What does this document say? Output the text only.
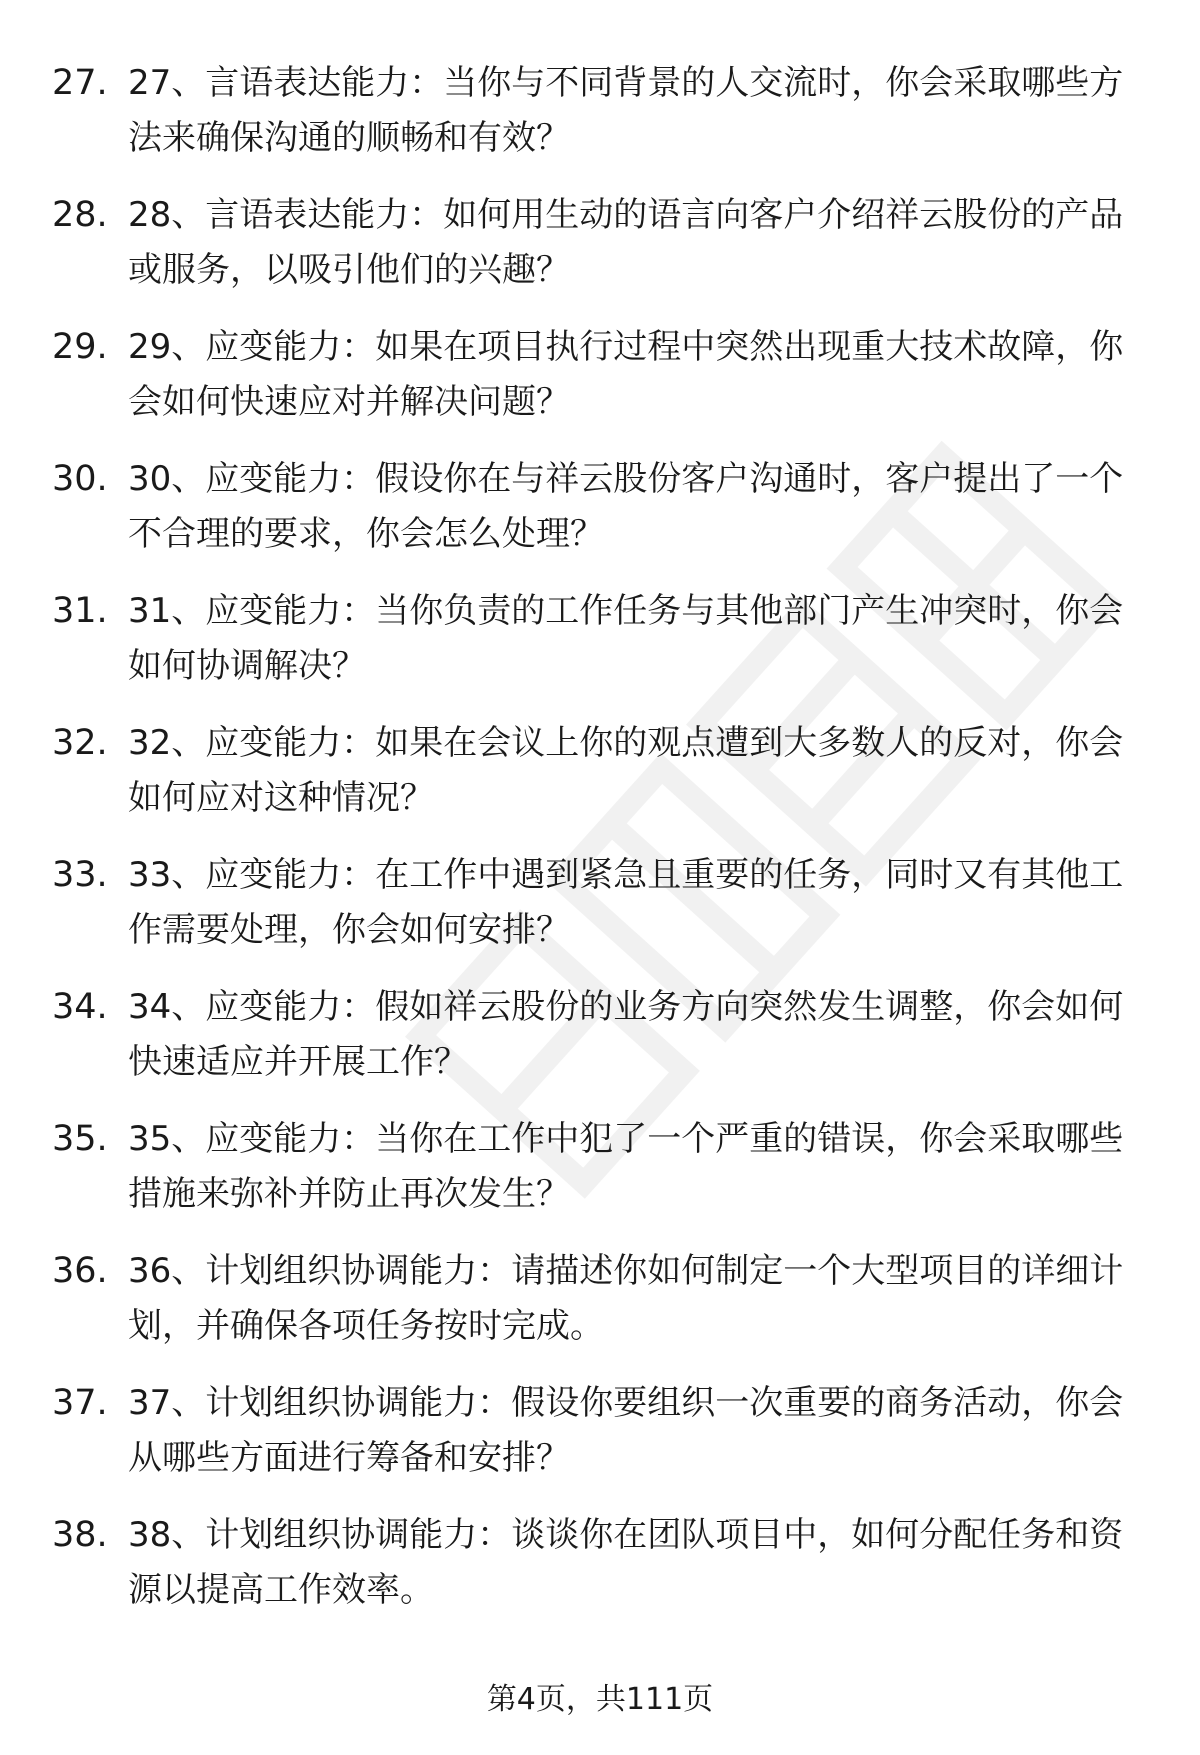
27. 27、言语表达能力：当你与不同背景的人交流时，你会采取哪些方法来确保沟通的顺畅和有效？
28. 28、言语表达能力：如何用生动的语言向客户介绍祥云股份的产品或服务，以吸引他们的兴趣？
29. 29、应变能力：如果在项目执行过程中突然出现重大技术故障，你会如何快速应对并解决问题？
30. 30、应变能力：假设你在与祥云股份客户沟通时，客户提出了一个不合理的要求，你会怎么处理？
31. 31、应变能力：当你负责的工作任务与其他部门产生冲突时，你会如何协调解决？
32. 32、应变能力：如果在会议上你的观点遭到大多数人的反对，你会如何应对这种情况？
33. 33、应变能力：在工作中遇到紧急且重要的任务，同时又有其他工作需要处理，你会如何安排？
34. 34、应变能力：假如祥云股份的业务方向突然发生调整，你会如何快速适应并开展工作？
35. 35、应变能力：当你在工作中犯了一个严重的错误，你会采取哪些措施来弥补并防止再次发生？
36. 36、计划组织协调能力：请描述你如何制定一个大型项目的详细计划，并确保各项任务按时完成。
37. 37、计划组织协调能力：假设你要组织一次重要的商务活动，你会从哪些方面进行筹备和安排？
38. 38、计划组织协调能力：谈谈你在团队项目中，如何分配任务和资源以提高工作效率。
第4页，共111页
